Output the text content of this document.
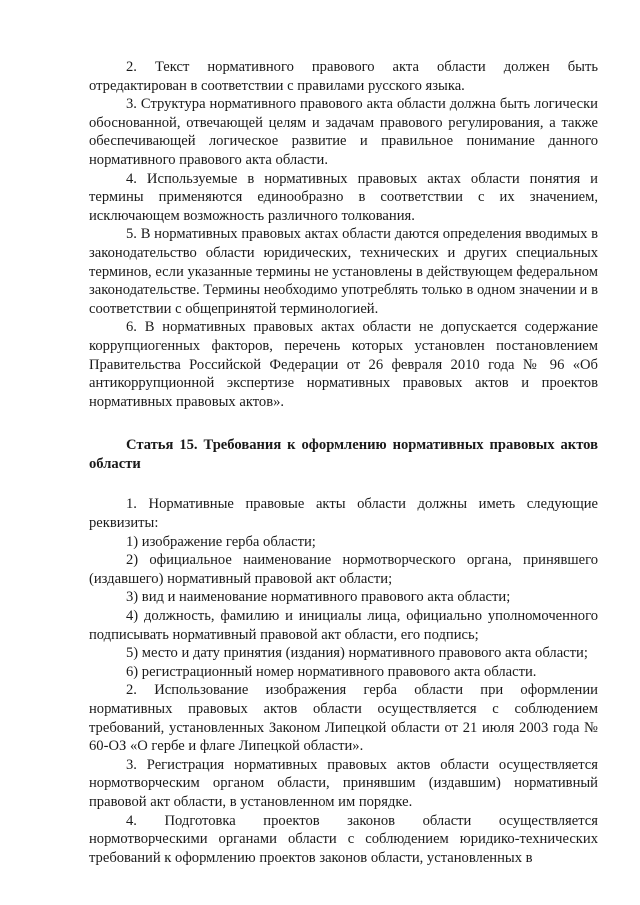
2. Текст нормативного правового акта области должен быть отредактирован в соответствии с правилами русского языка.

3. Структура нормативного правового акта области должна быть логически обоснованной, отвечающей целям и задачам правового регулирования, а также обеспечивающей логическое развитие и правильное понимание данного нормативного правового акта области.

4. Используемые в нормативных правовых актах области понятия и термины применяются единообразно в соответствии с их значением, исключающем возможность различного толкования.

5. В нормативных правовых актах области даются определения вводимых в законодательство области юридических, технических и других специальных терминов, если указанные термины не установлены в действующем федеральном законодательстве. Термины необходимо употреблять только в одном значении и в соответствии с общепринятой терминологией.

6. В нормативных правовых актах области не допускается содержание коррупциогенных факторов, перечень которых установлен постановлением Правительства Российской Федерации от 26 февраля 2010 года № 96 «Об антикоррупционной экспертизе нормативных правовых актов и проектов нормативных правовых актов».

Статья 15. Требования к оформлению нормативных правовых актов области

1. Нормативные правовые акты области должны иметь следующие реквизиты:

1) изображение герба области;

2) официальное наименование нормотворческого органа, принявшего (издавшего) нормативный правовой акт области;

3) вид и наименование нормативного правового акта области;

4) должность, фамилию и инициалы лица, официально уполномоченного подписывать нормативный правовой акт области, его подпись;

5) место и дату принятия (издания) нормативного правового акта области;

6) регистрационный номер нормативного правового акта области.

2. Использование изображения герба области при оформлении нормативных правовых актов области осуществляется с соблюдением требований, установленных Законом Липецкой области от 21 июля 2003 года № 60-ОЗ «О гербе и флаге Липецкой области».

3. Регистрация нормативных правовых актов области осуществляется нормотворческим органом области, принявшим (издавшим) нормативный правовой акт области, в установленном им порядке.

4. Подготовка проектов законов области осуществляется нормотворческими органами области с соблюдением юридико-технических требований к оформлению проектов законов области, установленных в
